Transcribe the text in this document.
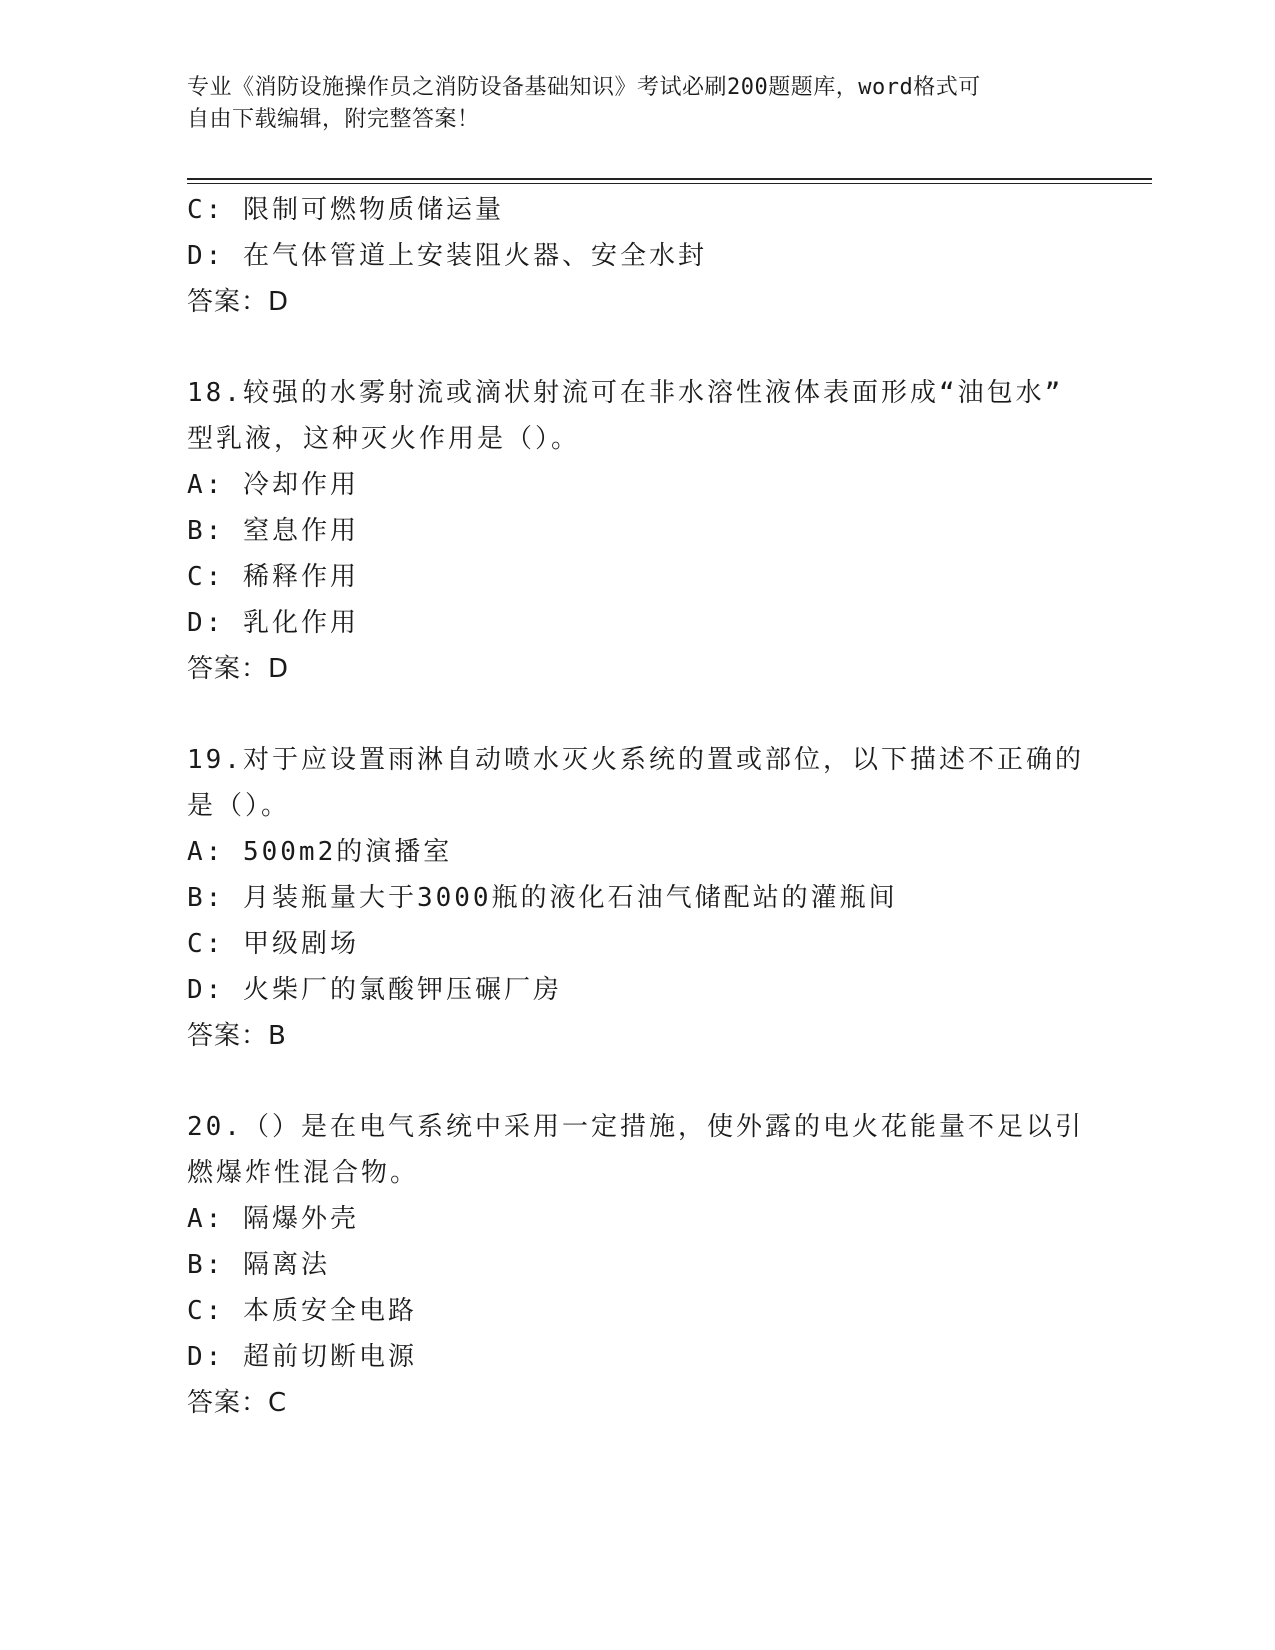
专业《消防设施操作员之消防设备基础知识》考试必刷200题题库，word格式可
自由下载编辑，附完整答案！
C: 限制可燃物质储运量
D: 在气体管道上安装阻火器、安全水封
答案：D
18.较强的水雾射流或滴状射流可在非水溶性液体表面形成“油包水”
型乳液，这种灭火作用是（）。
A: 冷却作用
B: 窒息作用
C: 稀释作用
D: 乳化作用
答案：D
19.对于应设置雨淋自动喷水灭火系统的置或部位，以下描述不正确的
是（）。
A: 500m2的演播室
B: 月装瓶量大于3000瓶的液化石油气储配站的灌瓶间
C: 甲级剧场
D: 火柴厂的氯酸钾压碾厂房
答案：B
20.（）是在电气系统中采用一定措施，使外露的电火花能量不足以引
燃爆炸性混合物。
A: 隔爆外壳
B: 隔离法
C: 本质安全电路
D: 超前切断电源
答案：C
